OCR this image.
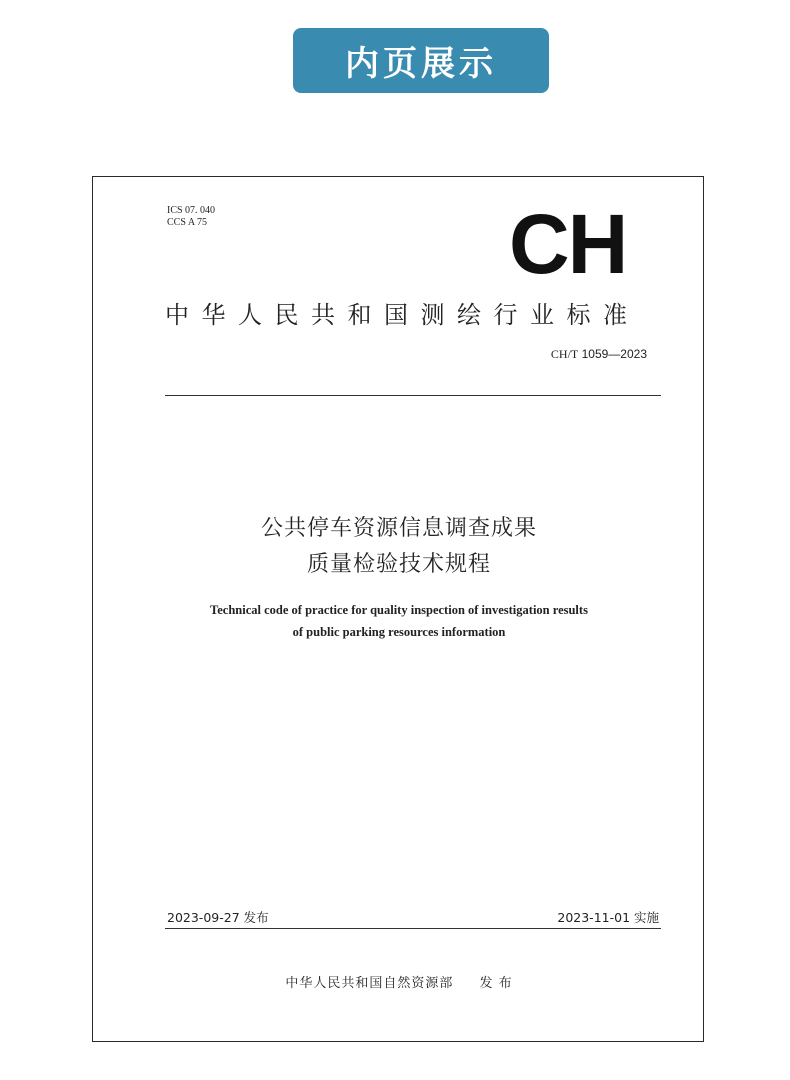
内页展示
ICS 07. 040
CCS A 75	CH
中华人民共和国测绘行业标准
CH/T 1059—2023
公共停车资源信息调查成果
质量检验技术规程
Technical code of practice for quality inspection of investigation results
of public parking resources information
2023-09-27 发布	2023-11-01 实施
中华人民共和国自然资源部 发 布
